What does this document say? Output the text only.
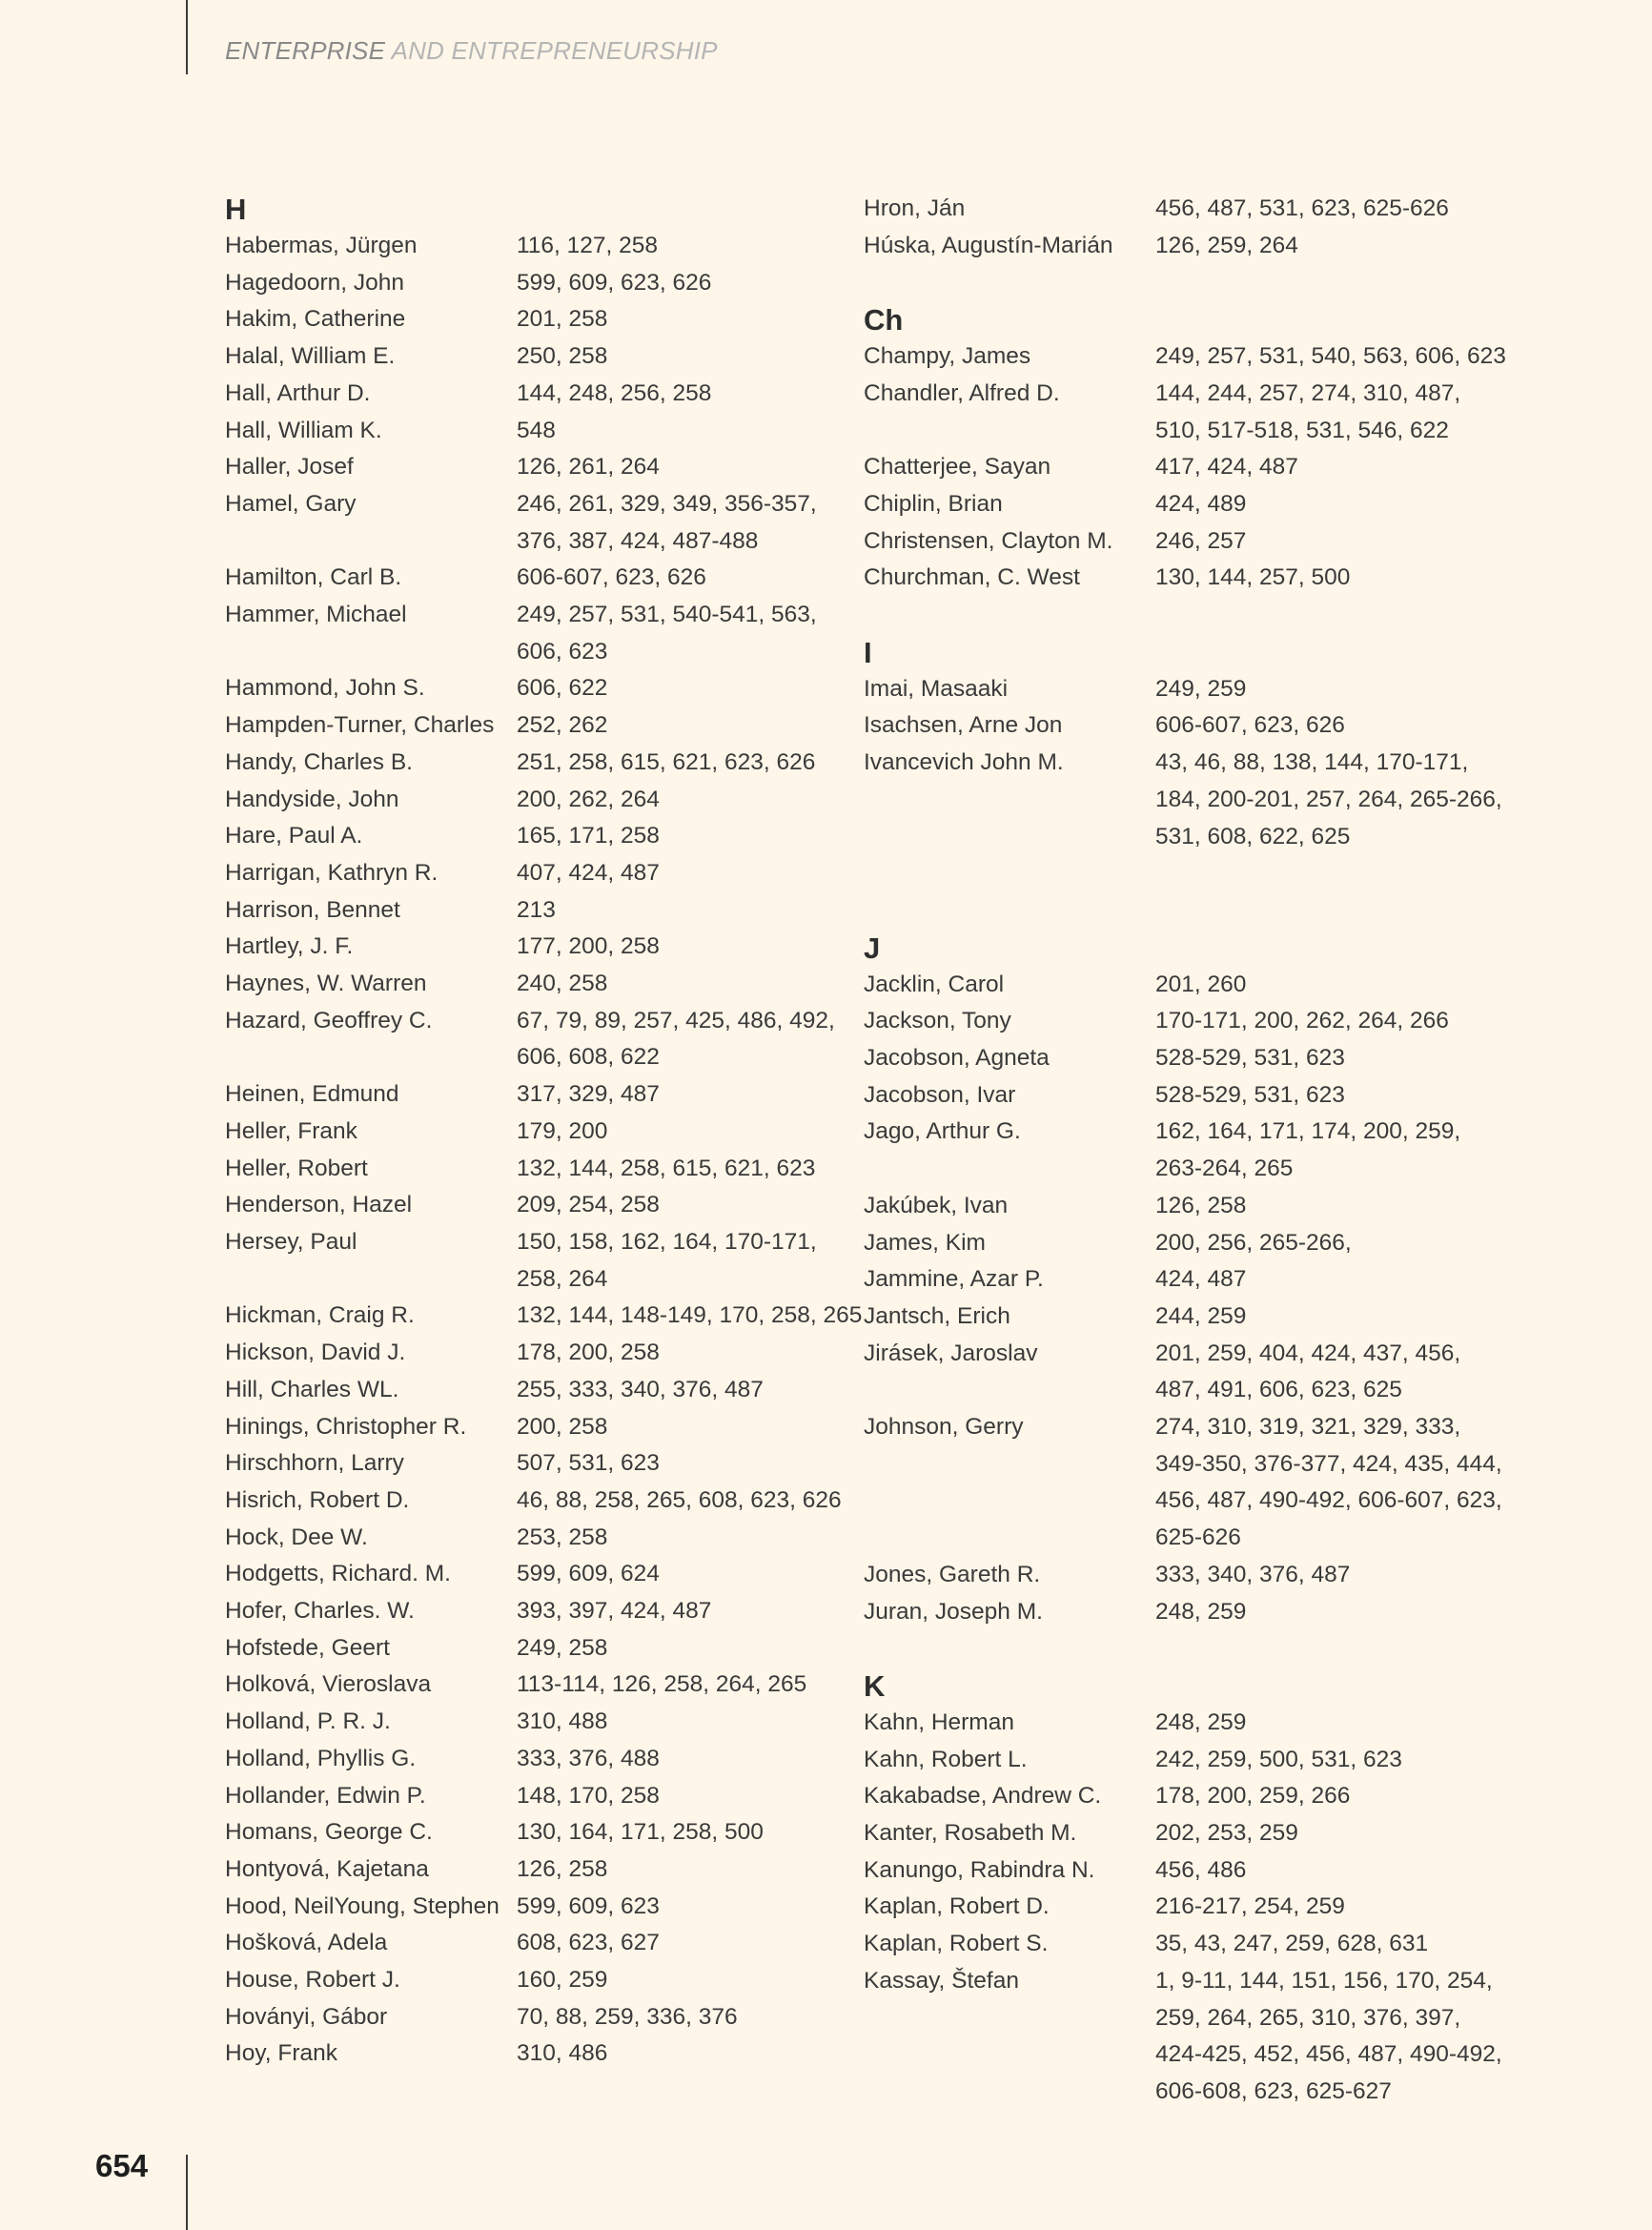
ENTERPRISE AND ENTREPRENEURSHIP
H
Habermas, Jürgen	116, 127, 258
Hagedoorn, John	599, 609, 623, 626
Hakim, Catherine	201, 258
Halal, William E.	250, 258
Hall, Arthur D.	144, 248, 256, 258
Hall, William K.	548
Haller, Josef	126, 261, 264
Hamel, Gary	246, 261, 329, 349, 356-357,
376, 387, 424, 487-488
Hamilton, Carl B.	606-607, 623, 626
Hammer, Michael	249, 257, 531, 540-541, 563,
606, 623
Hammond, John S.	606, 622
Hampden-Turner, Charles 252, 262
Handy, Charles B.	251, 258, 615, 621, 623, 626
Handyside, John	200, 262, 264
Hare, Paul A.	165, 171, 258
Harrigan, Kathryn R.	407, 424, 487
Harrison, Bennet	213
Hartley, J. F.	177, 200, 258
Haynes, W. Warren	240, 258
Hazard, Geoffrey C.	67, 79, 89, 257, 425, 486, 492,
606, 608, 622
Heinen, Edmund	317, 329, 487
Heller, Frank	179, 200
Heller, Robert	132, 144, 258, 615, 621, 623
Henderson, Hazel	209, 254, 258
Hersey, Paul	150, 158, 162, 164, 170-171,
258, 264
Hickman, Craig R.	132, 144, 148-149, 170, 258, 265
Hickson, David J.	178, 200, 258
Hill, Charles WL.	255, 333, 340, 376, 487
Hinings, Christopher R.	200, 258
Hirschhorn, Larry	507, 531, 623
Hisrich, Robert D.	46, 88, 258, 265, 608, 623, 626
Hock, Dee W.	253, 258
Hodgetts, Richard. M.	599, 609, 624
Hofer, Charles. W.	393, 397, 424, 487
Hofstede, Geert	249, 258
Holková, Vieroslava	113-114, 126, 258, 264, 265
Holland, P. R. J.	310, 488
Holland, Phyllis G.	333, 376, 488
Hollander, Edwin P.	148, 170, 258
Homans, George C.	130, 164, 171, 258, 500
Hontyová, Kajetana	126, 258
Hood, NeilYoung, Stephen 599, 609, 623
Hošková, Adela	608, 623, 627
House, Robert J.	160, 259
Hoványi, Gábor	70, 88, 259, 336, 376
Hoy, Frank	310, 486
Hron, Ján	456, 487, 531, 623, 625-626
Húska, Augustín-Marián	126, 259, 264
Ch
Champy, James	249, 257, 531, 540, 563, 606, 623
Chandler, Alfred D.	144, 244, 257, 274, 310, 487,
510, 517-518, 531, 546, 622
Chatterjee, Sayan	417, 424, 487
Chiplin, Brian	424, 489
Christensen, Clayton M.	246, 257
Churchman, C. West	130, 144, 257, 500
I
Imai, Masaaki	249, 259
Isachsen, Arne Jon	606-607, 623, 626
Ivancevich John M.	43, 46, 88, 138, 144, 170-171,
184, 200-201, 257, 264, 265-266,
531, 608, 622, 625
J
Jacklin, Carol	201, 260
Jackson, Tony	170-171, 200, 262, 264, 266
Jacobson, Agneta	528-529, 531, 623
Jacobson, Ivar	528-529, 531, 623
Jago, Arthur G.	162, 164, 171, 174, 200, 259,
263-264, 265
Jakúbek, Ivan	126, 258
James, Kim	200, 256, 265-266,
Jammine, Azar P.	424, 487
Jantsch, Erich	244, 259
Jirásek, Jaroslav	201, 259, 404, 424, 437, 456,
487, 491, 606, 623, 625
Johnson, Gerry	274, 310, 319, 321, 329, 333,
349-350, 376-377, 424, 435, 444,
456, 487, 490-492, 606-607, 623,
625-626
Jones, Gareth R.	333, 340, 376, 487
Juran, Joseph M.	248, 259
K
Kahn, Herman	248, 259
Kahn, Robert L.	242, 259, 500, 531, 623
Kakabadse, Andrew C.	178, 200, 259, 266
Kanter, Rosabeth M.	202, 253, 259
Kanungo, Rabindra N.	456, 486
Kaplan, Robert D.	216-217, 254, 259
Kaplan, Robert S.	35, 43, 247, 259, 628, 631
Kassay, Štefan	1, 9-11, 144, 151, 156, 170, 254,
259, 264, 265, 310, 376, 397,
424-425, 452, 456, 487, 490-492,
606-608, 623, 625-627
654
